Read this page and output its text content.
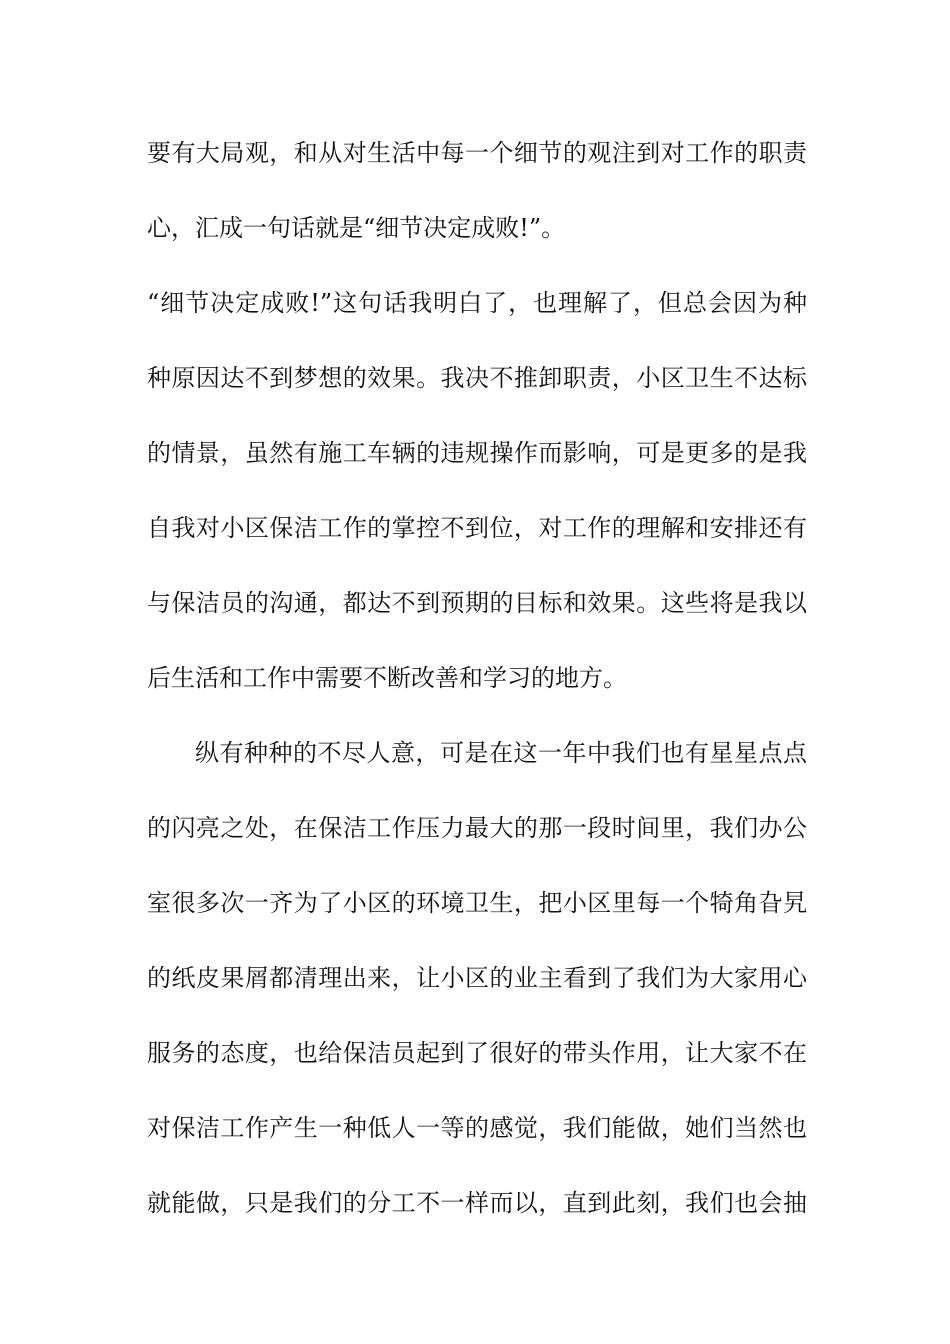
要有大局观，和从对生活中每一个细节的观注到对工作的职责
心，汇成一句话就是“细节决定成败!”。
“细节决定成败!”这句话我明白了，也理解了，但总会因为种
种原因达不到梦想的效果。我决不推卸职责，小区卫生不达标
的情景，虽然有施工车辆的违规操作而影响，可是更多的是我
自我对小区保洁工作的掌控不到位，对工作的理解和安排还有
与保洁员的沟通，都达不到预期的目标和效果。这些将是我以
后生活和工作中需要不断改善和学习的地方。
纵有种种的不尽人意，可是在这一年中我们也有星星点点
的闪亮之处，在保洁工作压力最大的那一段时间里，我们办公
室很多次一齐为了小区的环境卫生，把小区里每一个犄角旮旯
的纸皮果屑都清理出来，让小区的业主看到了我们为大家用心
服务的态度，也给保洁员起到了很好的带头作用，让大家不在
对保洁工作产生一种低人一等的感觉，我们能做，她们当然也
就能做，只是我们的分工不一样而以，直到此刻，我们也会抽
